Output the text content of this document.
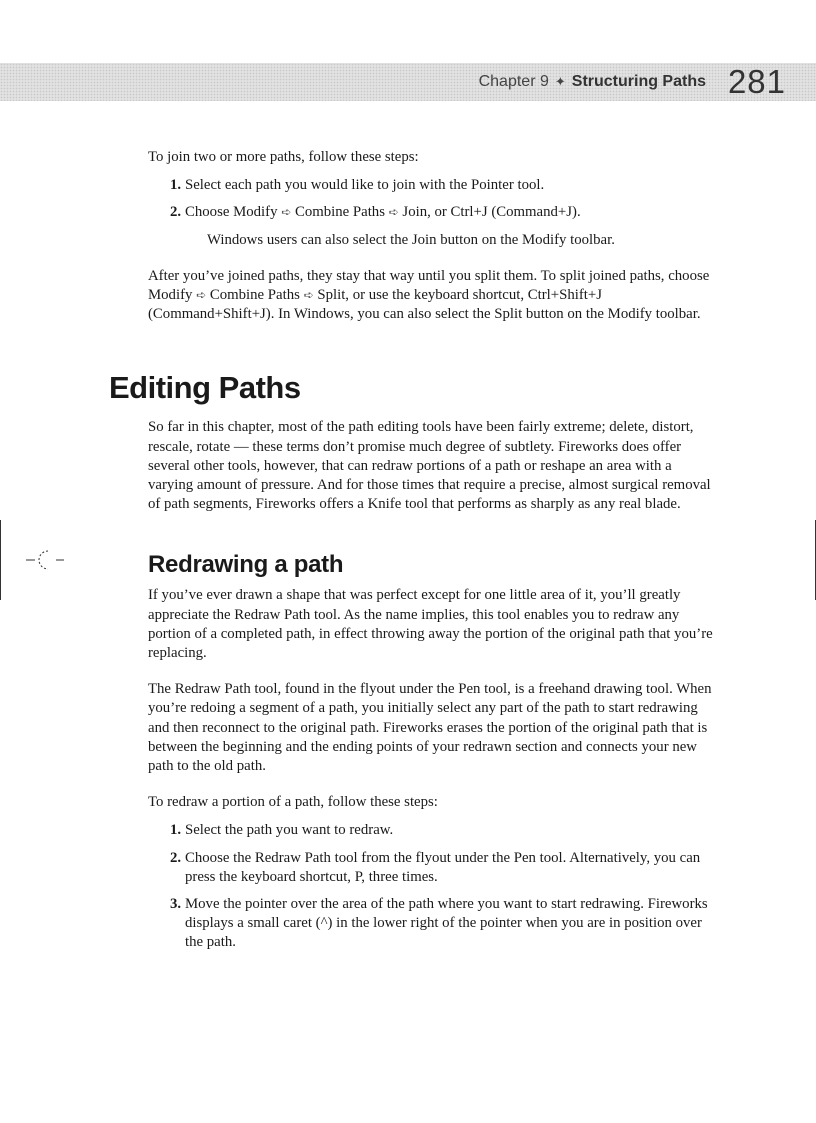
Chapter 9 ✦ Structuring Paths 281

To join two or more paths, follow these steps:

1 . Select each path you would like to join with the Pointer tool.
2 . Choose Modify ➪ Combine Paths ➪ Join, or Ctrl+J (Command+J).

Windows users can also select the Join button on the Modify toolbar.

After you’ve joined paths, they stay that way until you split them. To split joined paths, choose Modify ➪ Combine Paths ➪ Split, or use the keyboard shortcut, Ctrl+Shift+J (Command+Shift+J). In Windows, you can also select the Split button on the Modify toolbar.

Editing Paths

So far in this chapter, most of the path editing tools have been fairly extreme; delete, distort, rescale, rotate — these terms don’t promise much degree of subtlety. Fireworks does offer several other tools, however, that can redraw portions of a path or reshape an area with a varying amount of pressure. And for those times that require a precise, almost surgical removal of path segments, Fireworks offers a Knife tool that performs as sharply as any real blade.

Redrawing a path

If you’ve ever drawn a shape that was perfect except for one little area of it, you’ll greatly appreciate the Redraw Path tool. As the name implies, this tool enables you to redraw any portion of a completed path, in effect throwing away the portion of the original path that you’re replacing.

The Redraw Path tool, found in the flyout under the Pen tool, is a freehand drawing tool. When you’re redoing a segment of a path, you initially select any part of the path to start redrawing and then reconnect to the original path. Fireworks erases the portion of the original path that is between the beginning and the ending points of your redrawn section and connects your new path to the old path.

To redraw a portion of a path, follow these steps:

1 . Select the path you want to redraw.
2 . Choose the Redraw Path tool from the flyout under the Pen tool. Alternatively, you can press the keyboard shortcut, P, three times.
3 . Move the pointer over the area of the path where you want to start redrawing. Fireworks displays a small caret (^) in the lower right of the pointer when you are in position over the path.
